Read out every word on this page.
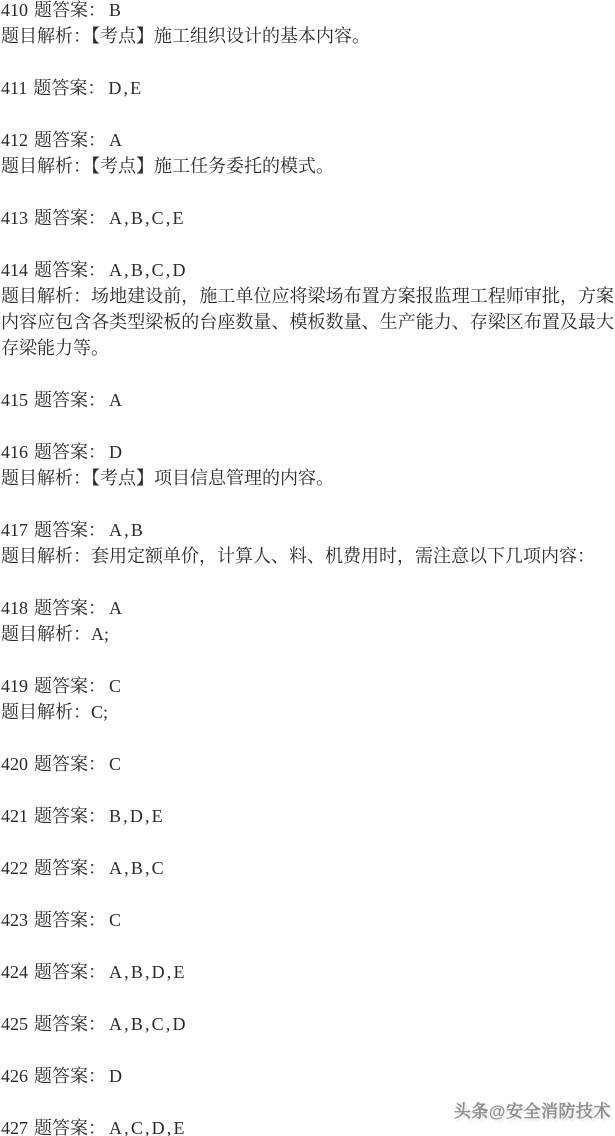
410 题答案： B
题目解析：【考点】施工组织设计的基本内容。
411 题答案： D,E
412 题答案： A
题目解析：【考点】施工任务委托的模式。
413 题答案： A,B,C,E
414 题答案： A,B,C,D
题目解析：场地建设前，施工单位应将梁场布置方案报监理工程师审批，方案内容应包含各类型梁板的台座数量、模板数量、生产能力、存梁区布置及最大存梁能力等。
415 题答案： A
416 题答案： D
题目解析：【考点】项目信息管理的内容。
417 题答案： A,B
题目解析：套用定额单价，计算人、料、机费用时，需注意以下几项内容：
418 题答案： A
题目解析：A;
419 题答案： C
题目解析：C;
420 题答案： C
421 题答案： B,D,E
422 题答案： A,B,C
423 题答案： C
424 题答案： A,B,D,E
425 题答案： A,B,C,D
426 题答案： D
427 题答案： A,C,D,E
头条@安全消防技术
